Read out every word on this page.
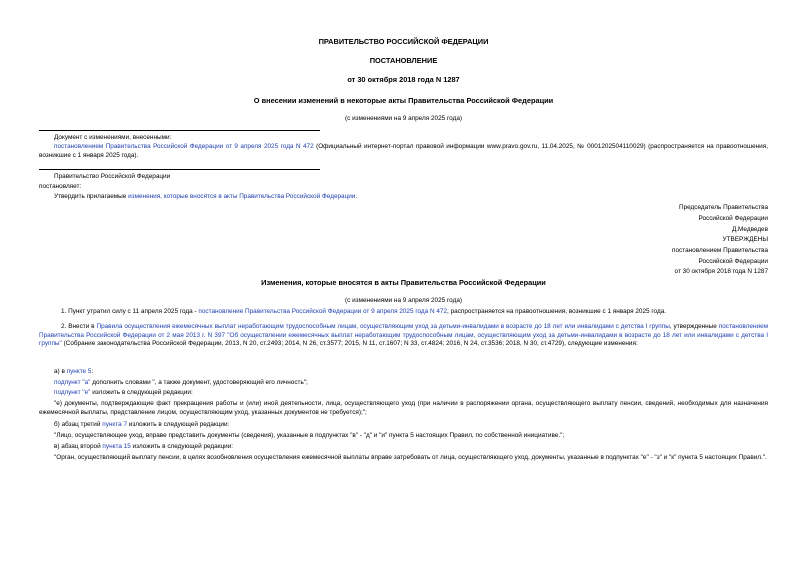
ПРАВИТЕЛЬСТВО РОССИЙСКОЙ ФЕДЕРАЦИИ
ПОСТАНОВЛЕНИЕ
от 30 октября 2018 года N 1287
О внесении изменений в некоторые акты Правительства Российской Федерации
(с изменениями на 9 апреля 2025 года)
Документ с изменениями, внесенными:
постановлением Правительства Российской Федерации от 9 апреля 2025 года N 472 (Официальный интернет-портал правовой информации www.pravo.gov.ru, 11.04.2025, № 0001202504110029) (распространяется на правоотношения, возникшие с 1 января 2025 года).
Правительство Российской Федерации
постановляет:
Утвердить прилагаемые изменения, которые вносятся в акты Правительства Российской Федерации.
Председатель Правительства
Российской Федерации
Д.Медведев
УТВЕРЖДЕНЫ
постановлением Правительства
Российской Федерации
от 30 октября 2018 года N 1287
Изменения, которые вносятся в акты Правительства Российской Федерации
(с изменениями на 9 апреля 2025 года)
1. Пункт утратил силу с 11 апреля 2025 года - постановление Правительства Российской Федерации от 9 апреля 2025 года N 472, распространяется на правоотношения, возникшие с 1 января 2025 года.
2. Внести в Правила осуществления ежемесячных выплат неработающим трудоспособным лицам, осуществляющим уход за детьми-инвалидами в возрасте до 18 лет или инвалидами с детства I группы, утвержденные постановлением Правительства Российской Федерации от 2 мая 2013 г. N 397 "Об осуществлении ежемесячных выплат неработающим трудоспособным лицам, осуществляющим уход за детьми-инвалидами в возрасте до 18 лет или инвалидами с детства I группы" (Собрание законодательства Российской Федерации, 2013, N 20, ст.2493; 2014, N 26, ст.3577; 2015, N 11, ст.1607; N 33, ст.4824; 2016, N 24, ст.3536; 2018, N 30, ст.4729), следующие изменения:
а) в пункте 5:
подпункт "а" дополнить словами ", а также документ, удостоверяющий его личность";
подпункт "е" изложить в следующей редакции:
"е) документы, подтверждающие факт прекращения работы и (или) иной деятельности, лица, осуществляющего уход (при наличии в распоряжении органа, осуществляющего выплату пенсии, сведений, необходимых для назначения ежемесячной выплаты, представление лицом, осуществляющим уход, указанных документов не требуется);";
б) абзац третий пункта 7 изложить в следующей редакции:
"Лицо, осуществляющее уход, вправе представить документы (сведения), указанные в подпунктах "в" - "д" и "и" пункта 5 настоящих Правил, по собственной инициативе.";
в) абзац второй пункта 15 изложить в следующей редакции:
"Орган, осуществляющий выплату пенсии, в целях возобновления осуществления ежемесячной выплаты вправе затребовать от лица, осуществляющего уход, документы, указанные в подпунктах "е" - "з" и "к" пункта 5 настоящих Правил.".
